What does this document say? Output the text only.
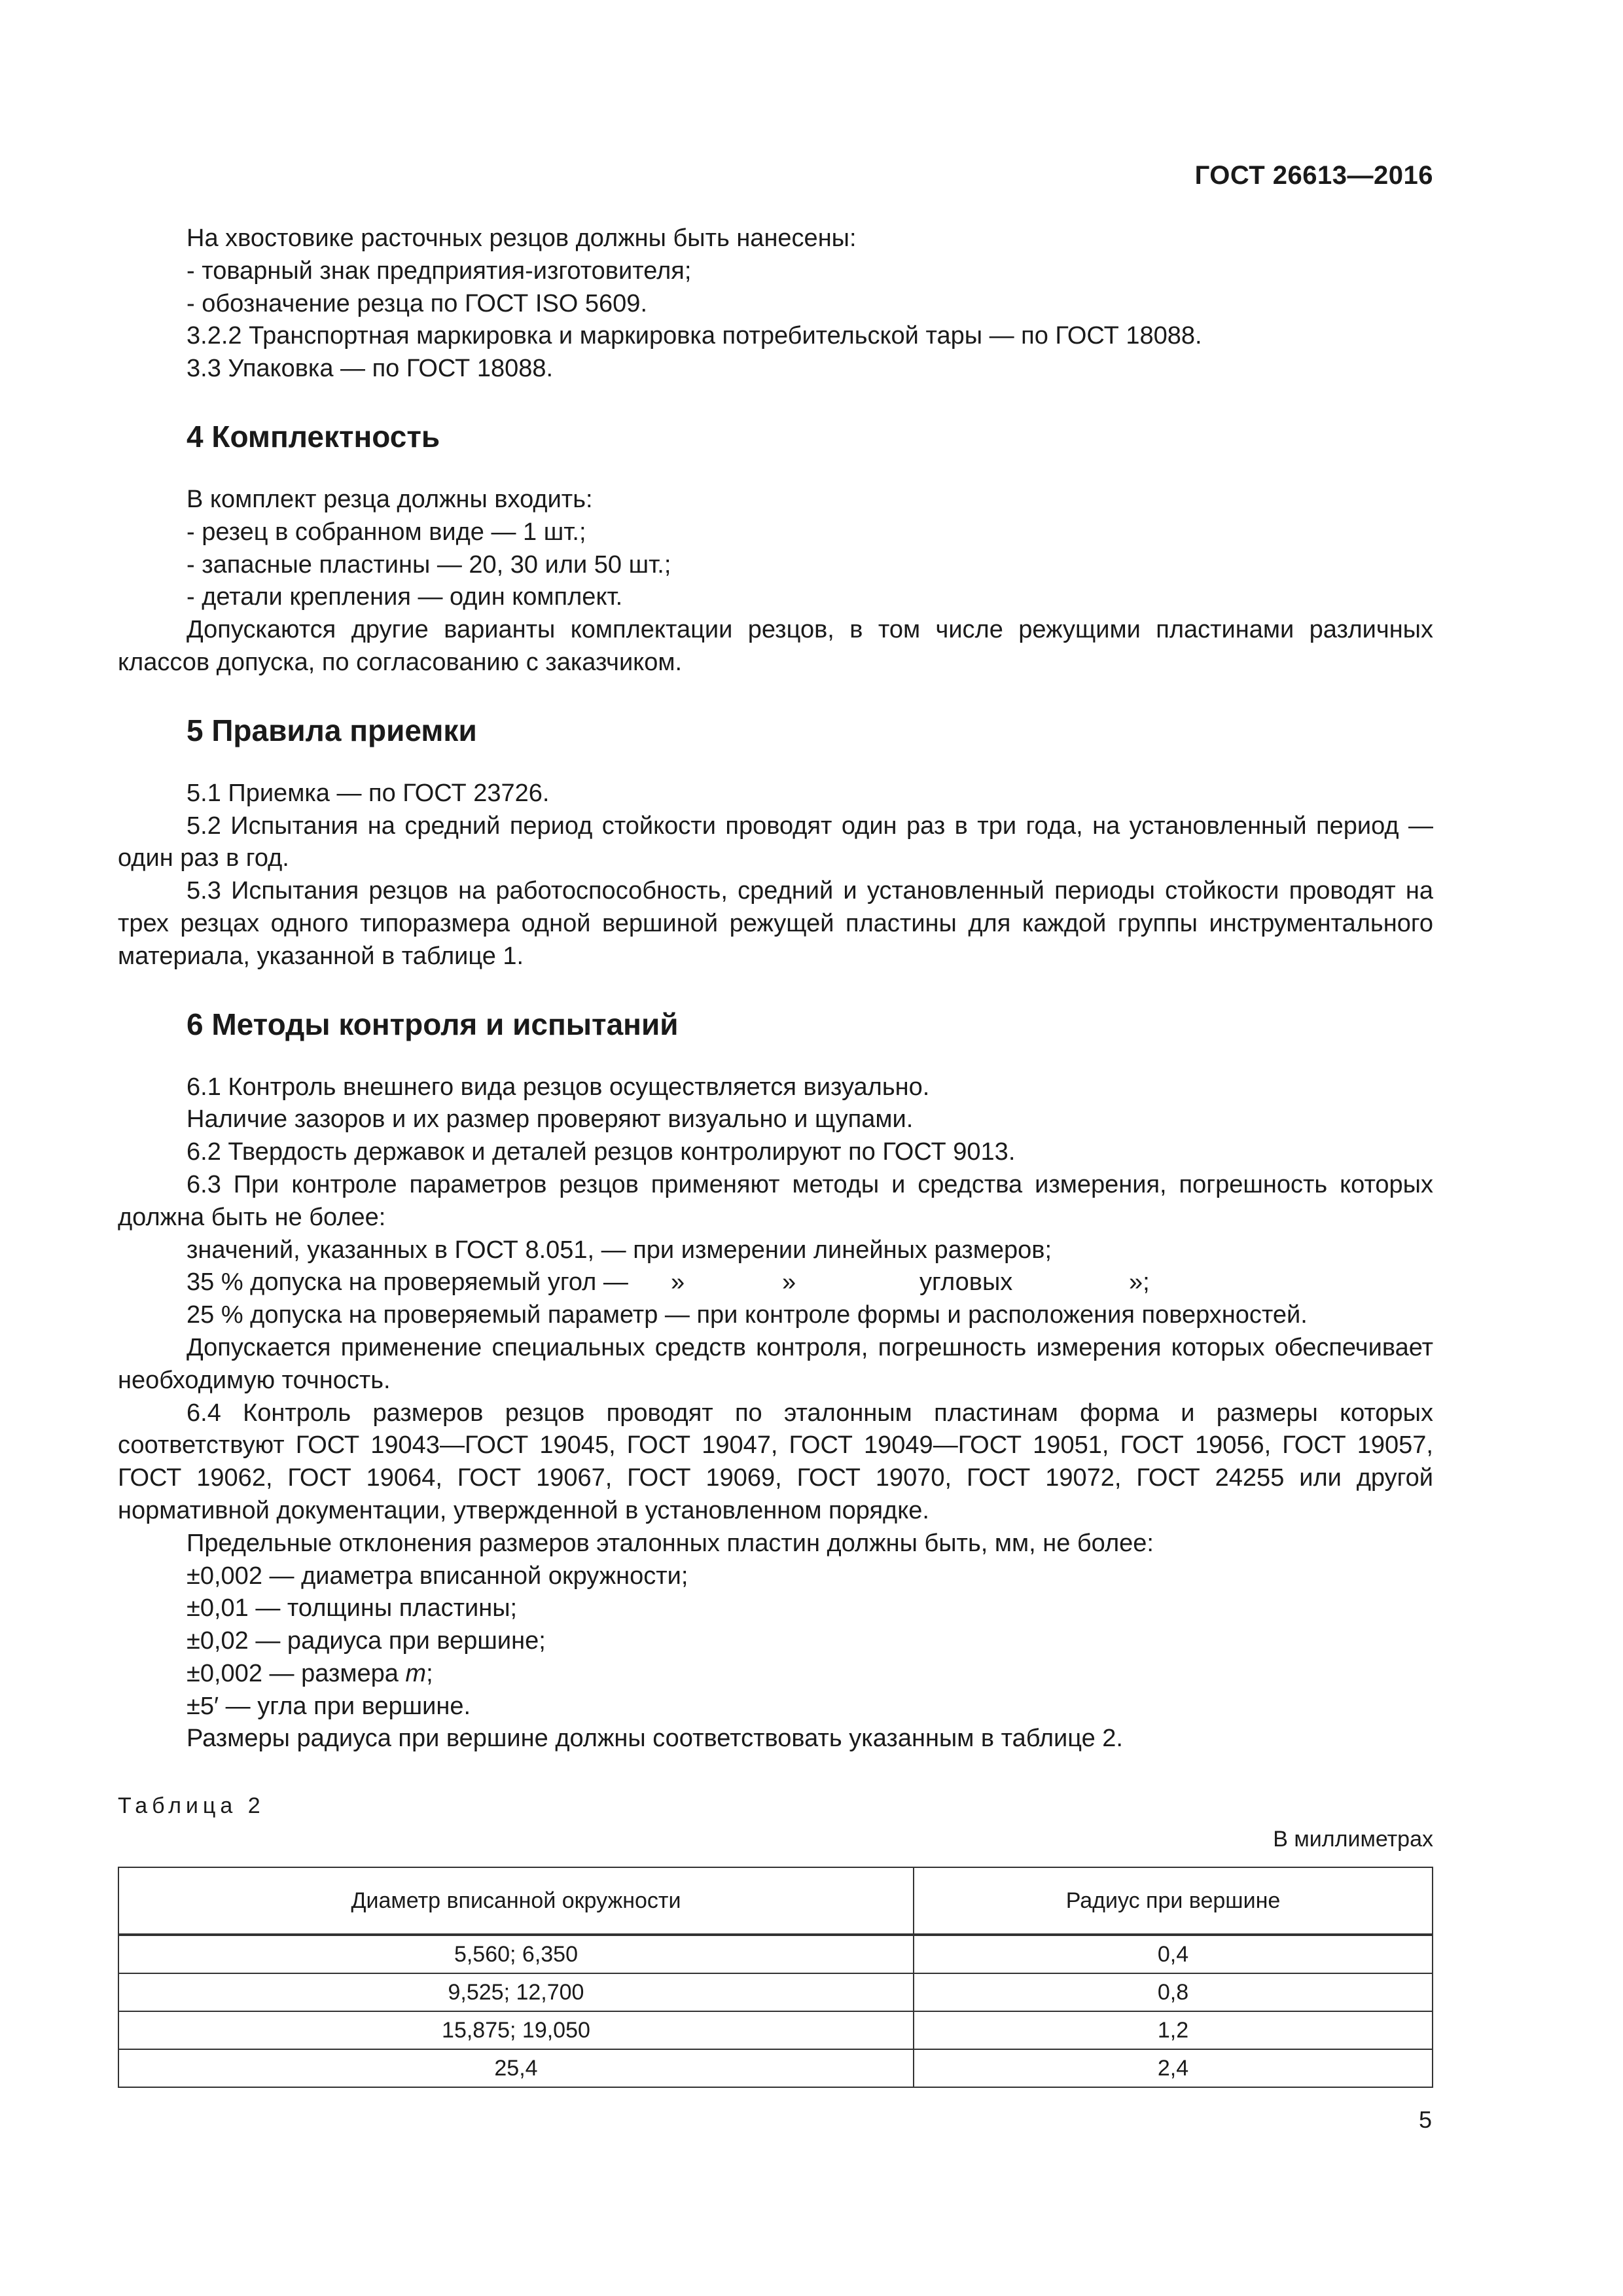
ГОСТ 26613—2016

На хвостовике расточных резцов должны быть нанесены:

- товарный знак предприятия-изготовителя;

- обозначение резца по ГОСТ ISO 5609.

3.2.2 Транспортная маркировка и маркировка потребительской тары — по ГОСТ 18088.

3.3 Упаковка — по ГОСТ 18088.

4 Комплектность

В комплект резца должны входить:

- резец в собранном виде — 1 шт.;

- запасные пластины — 20, 30 или 50 шт.;

- детали крепления — один комплект.

Допускаются другие варианты комплектации резцов, в том числе режущими пластинами различных классов допуска, по согласованию с заказчиком.

5 Правила приемки

5.1 Приемка — по ГОСТ 23726.

5.2 Испытания на средний период стойкости проводят один раз в три года, на установленный период — один раз в год.

5.3 Испытания резцов на работоспособность, средний и установленный периоды стойкости проводят на трех резцах одного типоразмера одной вершиной режущей пластины для каждой группы инструментального материала, указанной в таблице 1.

6 Методы контроля и испытаний

6.1 Контроль внешнего вида резцов осуществляется визуально.

Наличие зазоров и их размер проверяют визуально и щупами.

6.2 Твердость державок и деталей резцов контролируют по ГОСТ 9013.

6.3 При контроле параметров резцов применяют методы и средства измерения, погрешность которых должна быть не более:

значений, указанных в ГОСТ 8.051, — при измерении линейных размеров;

35 % допуска на проверяемый угол —	»	»	угловых	»;

25 % допуска на проверяемый параметр — при контроле формы и расположения поверхностей.

Допускается применение специальных средств контроля, погрешность измерения которых обеспечивает необходимую точность.

6.4 Контроль размеров резцов проводят по эталонным пластинам форма и размеры которых соответствуют ГОСТ 19043—ГОСТ 19045, ГОСТ 19047, ГОСТ 19049—ГОСТ 19051, ГОСТ 19056, ГОСТ 19057, ГОСТ 19062, ГОСТ 19064, ГОСТ 19067, ГОСТ 19069, ГОСТ 19070, ГОСТ 19072, ГОСТ 24255 или другой нормативной документации, утвержденной в установленном порядке.

Предельные отклонения размеров эталонных пластин должны быть, мм, не более:

±0,002 — диаметра вписанной окружности;

±0,01 — толщины пластины;

±0,02 — радиуса при вершине;

±0,002 — размера m;

±5′ — угла при вершине.

Размеры радиуса при вершине должны соответствовать указанным в таблице 2.

Таблица 2
В миллиметрах
Диаметр вписанной окружности	Радиус при вершине
5,560; 6,350	0,4
9,525; 12,700	0,8
15,875; 19,050	1,2
25,4	2,4
5
